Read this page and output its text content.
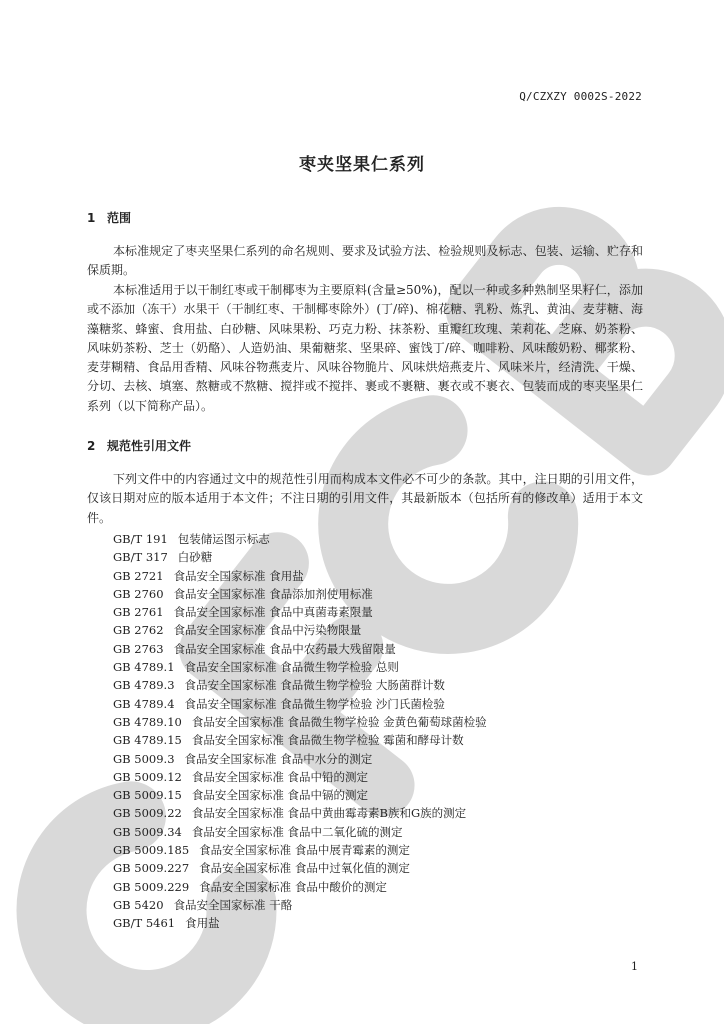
Q/CZXZY 0002S-2022
枣夹坚果仁系列
1 范围

本标准规定了枣夹坚果仁系列的命名规则、要求及试验方法、检验规则及标志、包装、运输、贮存和保质期。

本标准适用于以干制红枣或干制椰枣为主要原料(含量≥50%)，配以一种或多种熟制坚果籽仁，添加或不添加（冻干）水果干（干制红枣、干制椰枣除外）(丁/碎)、棉花糖、乳粉、炼乳、黄油、麦芽糖、海藻糖浆、蜂蜜、食用盐、白砂糖、风味果粉、巧克力粉、抹茶粉、重瓣红玫瑰、茉莉花、芝麻、奶茶粉、风味奶茶粉、芝士（奶酪）、人造奶油、果葡糖浆、坚果碎、蜜饯丁/碎、咖啡粉、风味酸奶粉、椰浆粉、麦芽糊精、食品用香精、风味谷物燕麦片、风味谷物脆片、风味烘焙燕麦片、风味米片，经清洗、干燥、分切、去核、填塞、熬糖或不熬糖、搅拌或不搅拌、裹或不裹糖、裹衣或不裹衣、包装而成的枣夹坚果仁系列（以下简称产品）。

2 规范性引用文件

下列文件中的内容通过文中的规范性引用而构成本文件必不可少的条款。其中，注日期的引用文件，仅该日期对应的版本适用于本文件；不注日期的引用文件，其最新版本（包括所有的修改单）适用于本文件。

GB/T 191 包装储运图示标志
GB/T 317 白砂糖
GB 2721 食品安全国家标准 食用盐
GB 2760 食品安全国家标准 食品添加剂使用标准
GB 2761 食品安全国家标准 食品中真菌毒素限量
GB 2762 食品安全国家标准 食品中污染物限量
GB 2763 食品安全国家标准 食品中农药最大残留限量
GB 4789.1 食品安全国家标准 食品微生物学检验 总则
GB 4789.3 食品安全国家标准 食品微生物学检验 大肠菌群计数
GB 4789.4 食品安全国家标准 食品微生物学检验 沙门氏菌检验
GB 4789.10 食品安全国家标准 食品微生物学检验 金黄色葡萄球菌检验
GB 4789.15 食品安全国家标准 食品微生物学检验 霉菌和酵母计数
GB 5009.3 食品安全国家标准 食品中水分的测定
GB 5009.12 食品安全国家标准 食品中铅的测定
GB 5009.15 食品安全国家标准 食品中镉的测定
GB 5009.22 食品安全国家标准 食品中黄曲霉毒素B族和G族的测定
GB 5009.34 食品安全国家标准 食品中二氧化硫的测定
GB 5009.185 食品安全国家标准 食品中展青霉素的测定
GB 5009.227 食品安全国家标准 食品中过氧化值的测定
GB 5009.229 食品安全国家标准 食品中酸价的测定
GB 5420 食品安全国家标准 干酪
GB/T 5461 食用盐
1
